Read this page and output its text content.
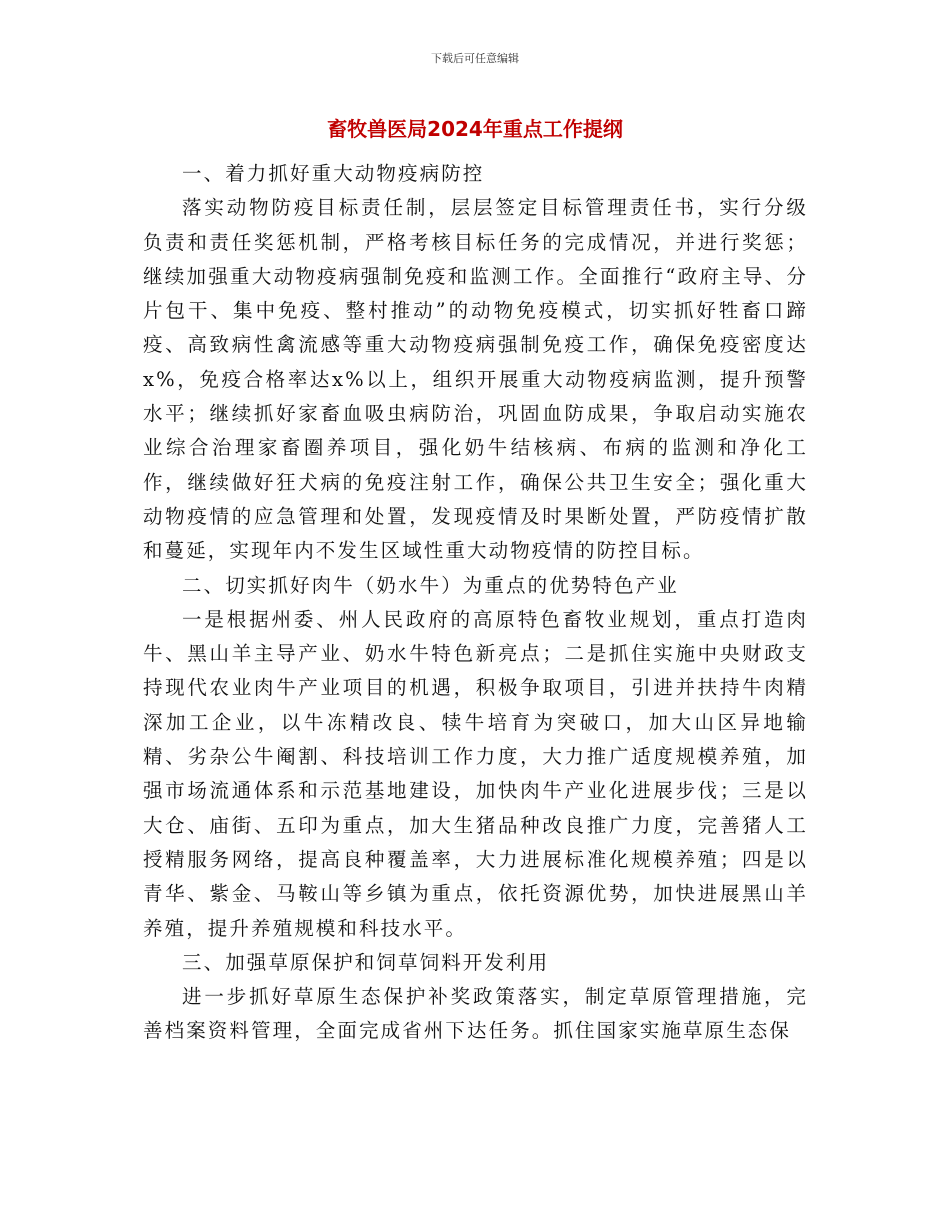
下载后可任意编辑
畜牧兽医局2024年重点工作提纲

一、着力抓好重大动物疫病防控

落实动物防疫目标责任制，层层签定目标管理责任书，实行分级负责和责任奖惩机制，严格考核目标任务的完成情况，并进行奖惩；继续加强重大动物疫病强制免疫和监测工作。全面推行“政府主导、分片包干、集中免疫、整村推动”的动物免疫模式，切实抓好牲畜口蹄疫、高致病性禽流感等重大动物疫病强制免疫工作，确保免疫密度达x%，免疫合格率达x%以上，组织开展重大动物疫病监测，提升预警水平；继续抓好家畜血吸虫病防治，巩固血防成果，争取启动实施农业综合治理家畜圈养项目，强化奶牛结核病、布病的监测和净化工作，继续做好狂犬病的免疫注射工作，确保公共卫生安全；强化重大动物疫情的应急管理和处置，发现疫情及时果断处置，严防疫情扩散和蔓延，实现年内不发生区域性重大动物疫情的防控目标。

二、切实抓好肉牛（奶水牛）为重点的优势特色产业

一是根据州委、州人民政府的高原特色畜牧业规划，重点打造肉牛、黑山羊主导产业、奶水牛特色新亮点；二是抓住实施中央财政支持现代农业肉牛产业项目的机遇，积极争取项目，引进并扶持牛肉精深加工企业，以牛冻精改良、犊牛培育为突破口，加大山区异地输精、劣杂公牛阉割、科技培训工作力度，大力推广适度规模养殖，加强市场流通体系和示范基地建设，加快肉牛产业化进展步伐；三是以大仓、庙街、五印为重点，加大生猪品种改良推广力度，完善猪人工授精服务网络，提高良种覆盖率，大力进展标准化规模养殖；四是以青华、紫金、马鞍山等乡镇为重点，依托资源优势，加快进展黑山羊养殖，提升养殖规模和科技水平。

三、加强草原保护和饲草饲料开发利用

进一步抓好草原生态保护补奖政策落实，制定草原管理措施，完善档案资料管理，全面完成省州下达任务。抓住国家实施草原生态保
